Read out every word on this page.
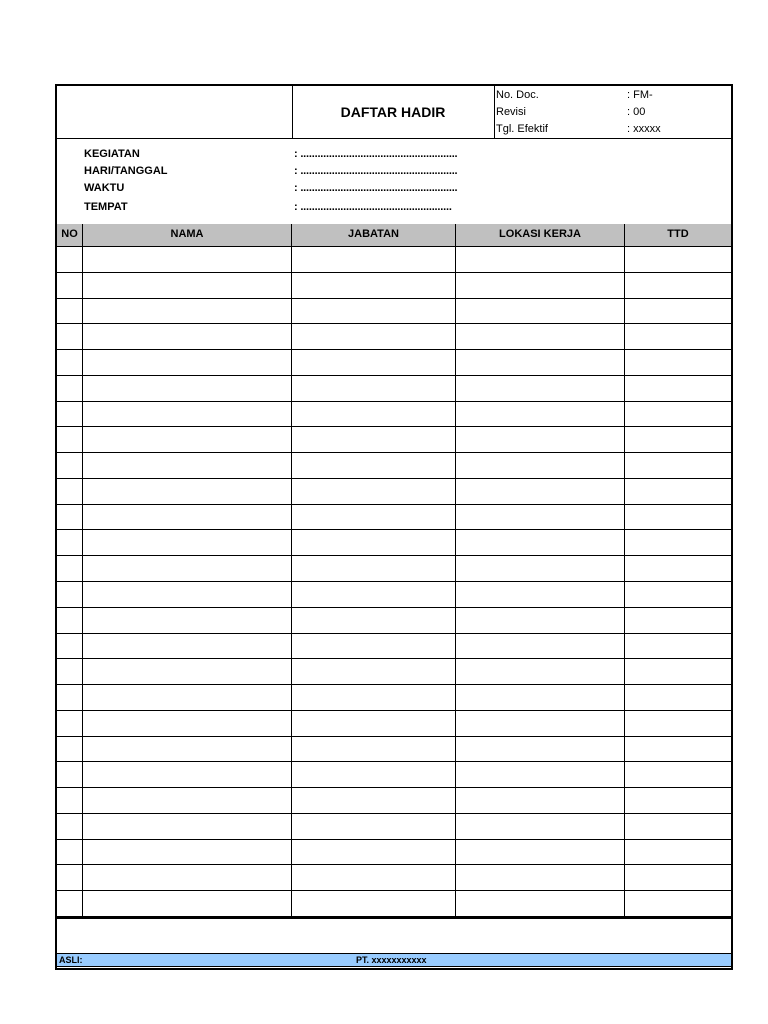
DAFTAR HADIR
No. Doc.	: FM-
Revisi	: 00
Tgl. Efektif	: xxxxx
KEGIATAN	: .......................................................
HARI/TANGGAL	: .......................................................
WAKTU	: .......................................................
TEMPAT	: .....................................................
NO	NAMA	JABATAN	LOKASI KERJA	TTD
ASLI:	PT. xxxxxxxxxxx
